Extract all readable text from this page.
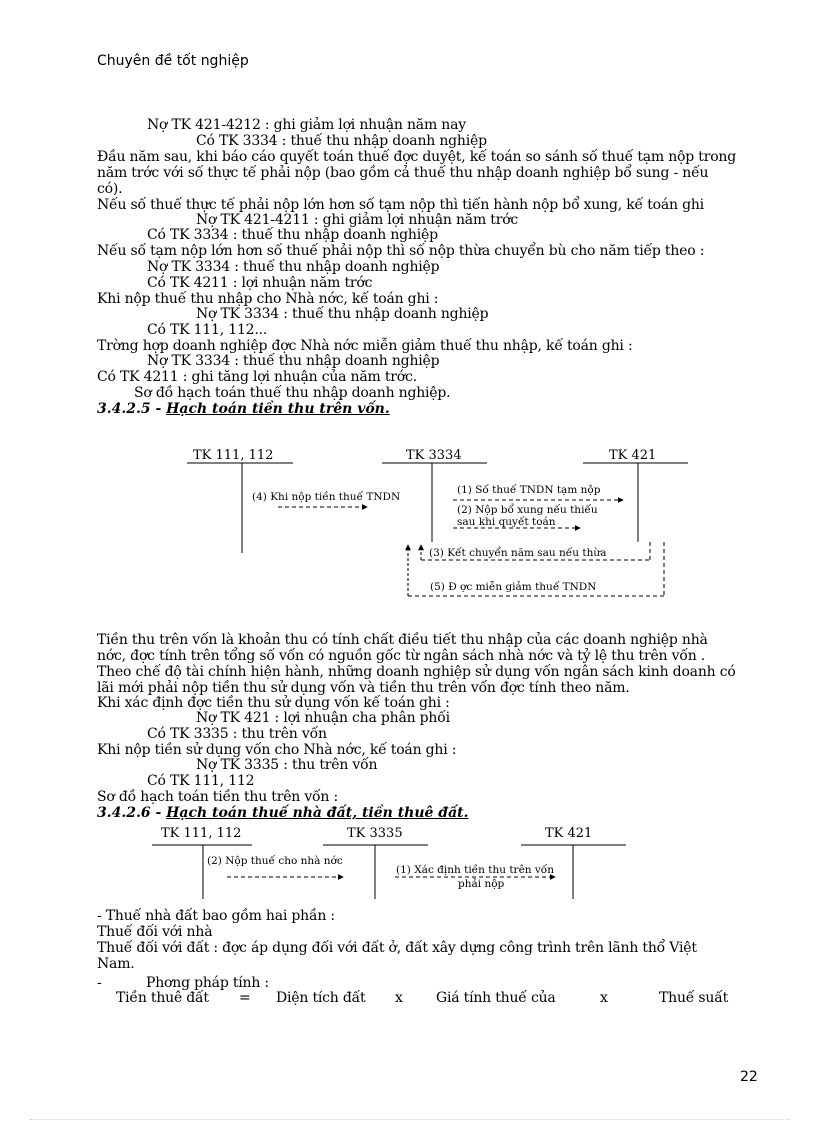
Chuyên đề tốt nghiệp
Nợ TK 421-4212 : ghi giảm lợi nhuận năm nay
Có TK 3334 : thuế thu nhập doanh nghiệp
Đầu năm sau, khi báo cáo quyết toán thuế đợc duyệt, kế toán so sánh số thuế tạm nộp trong
năm trớc với số thực tế phải nộp (bao gồm cả thuế thu nhập doanh nghiệp bổ sung - nếu
có).
Nếu số thuế thực tế phải nộp lớn hơn số tạm nộp thì tiến hành nộp bổ xung, kế toán ghi
Nợ TK 421-4211 : ghi giảm lợi nhuận năm trớc
Có TK 3334 : thuế thu nhập doanh nghiệp
Nếu số tạm nộp lớn hơn số thuế phải nộp thì số nộp thừa chuyển bù cho năm tiếp theo :
Nợ TK 3334 : thuế thu nhập doanh nghiệp
Có TK 4211 : lợi nhuận năm trớc
Khi nộp thuế thu nhập cho Nhà nớc, kế toán ghi :
Nợ TK 3334 : thuế thu nhập doanh nghiệp
Có TK 111, 112...
Trờng hợp doanh nghiệp đợc Nhà nớc miễn giảm thuế thu nhập, kế toán ghi :
Nợ TK 3334 : thuế thu nhập doanh nghiệp
Có TK 4211 : ghi tăng lợi nhuận của năm trớc.
Sơ đồ hạch toán thuế thu nhập doanh nghiệp.
3.4.2.5 - Hạch toán tiền thu trên vốn.
TK 111, 112	TK 3334	TK 421
(4) Khi nộp tiền thuế TNDN
(1) Số thuế TNDN tạm nộp
(2) Nộp bổ xung nếu thiếu
sau khi quyết toán
(3) Kết chuyển năm sau nếu thừa
(5) Đ ợc miễn giảm thuế TNDN
Tiền thu trên vốn là khoản thu có tính chất điều tiết thu nhập của các doanh nghiệp nhà
nớc, đợc tính trên tổng số vốn có nguồn gốc từ ngân sách nhà nớc và tỷ lệ thu trên vốn .
Theo chế độ tài chính hiện hành, những doanh nghiệp sử dụng vốn ngân sách kinh doanh có
lãi mới phải nộp tiền thu sử dụng vốn và tiền thu trên vốn đợc tính theo năm.
Khi xác định đợc tiền thu sử dụng vốn kế toán ghi :
Nợ TK 421 : lợi nhuận cha phân phối
Có TK 3335 : thu trên vốn
Khi nộp tiền sử dụng vốn cho Nhà nớc, kế toán ghi :
Nợ TK 3335 : thu trên vốn
Có TK 111, 112
Sơ đồ hạch toán tiền thu trên vốn :
3.4.2.6 - Hạch toán thuế nhà đất, tiền thuê đất.
TK 111, 112	TK 3335	TK 421
(2) Nộp thuế cho nhà nớc
(1) Xác định tiền thu trên vốn
phải nộp
- Thuế nhà đất bao gồm hai phần :
Thuế đối với nhà
Thuế đối với đất : đợc áp dụng đối với đất ở, đất xây dựng công trình trên lãnh thổ Việt
Nam.
-	Phơng pháp tính :
Tiền thuê đất = Diện tích đất x Giá tính thuế của	x	Thuế suất
22
